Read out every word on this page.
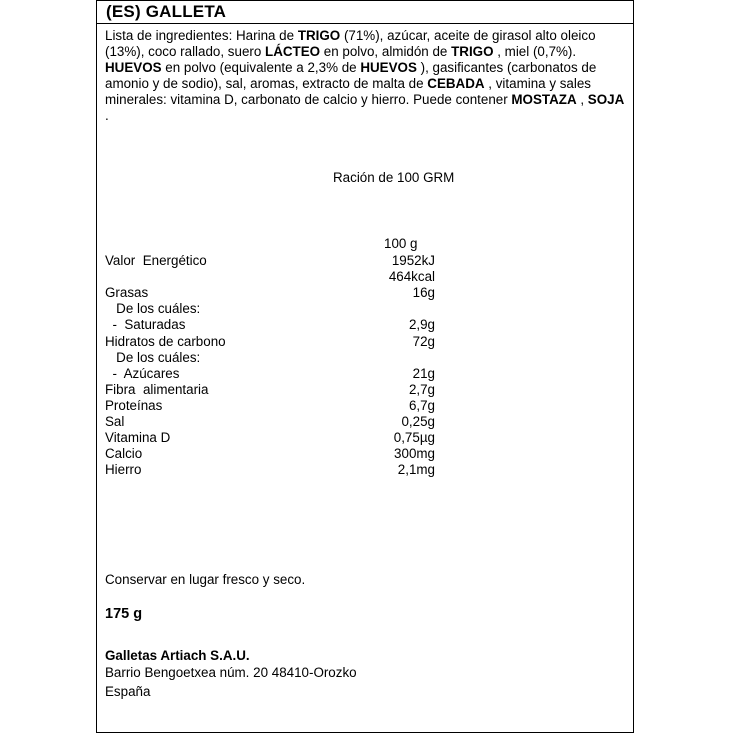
(ES) GALLETA
Lista de ingredientes: Harina de TRIGO (71%), azúcar, aceite de girasol alto oleico (13%), coco rallado, suero LÁCTEO en polvo, almidón de TRIGO , miel (0,7%). HUEVOS en polvo (equivalente a 2,3% de HUEVOS ), gasificantes (carbonatos de amonio y de sodio), sal, aromas, extracto de malta de CEBADA , vitamina y sales minerales: vitamina D, carbonato de calcio y hierro. Puede contener MOSTAZA , SOJA .
Ración de 100 GRM
100 g
Valor  Energético	1952kJ
464kcal
Grasas	16g
De los cuáles:
-  Saturadas	2,9g
Hidratos de carbono	72g
De los cuáles:
-  Azúcares	21g
Fibra  alimentaria	2,7g
Proteínas	6,7g
Sal	0,25g
Vitamina D	0,75µg
Calcio	300mg
Hierro	2,1mg
Conservar en lugar fresco y seco.
175 g
Galletas Artiach S.A.U.
Barrio Bengoetxea núm. 20 48410-Orozko
España
